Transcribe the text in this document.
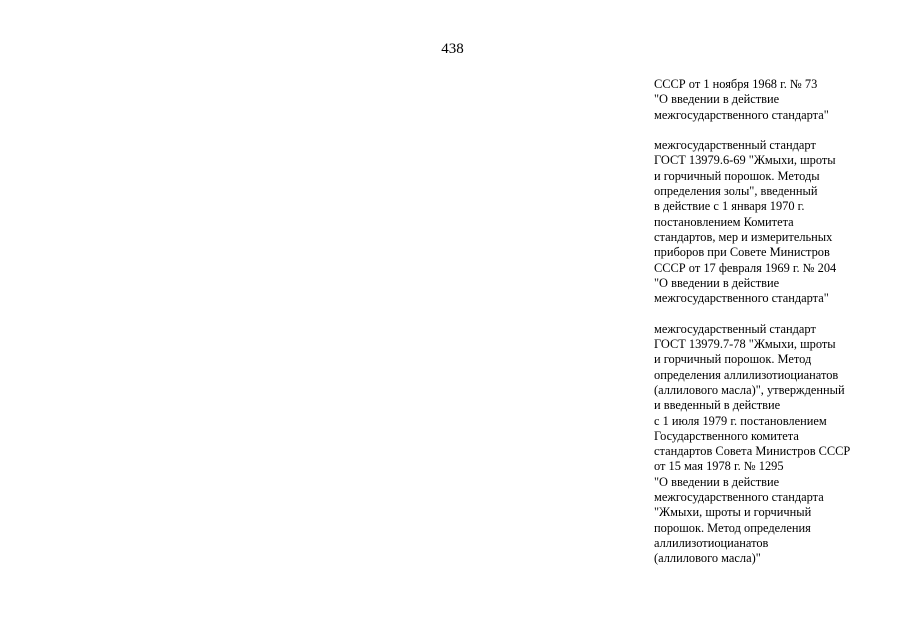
438
СССР от 1 ноября 1968 г. № 73
"О введении в действие
межгосударственного стандарта"
межгосударственный стандарт
ГОСТ 13979.6-69 "Жмыхи, шроты
и горчичный порошок. Методы
определения золы", введенный
в действие с 1 января 1970 г.
постановлением Комитета
стандартов, мер и измерительных
приборов при Совете Министров
СССР от 17 февраля 1969 г. № 204
"О введении в действие
межгосударственного стандарта"
межгосударственный стандарт
ГОСТ 13979.7-78 "Жмыхи, шроты
и горчичный порошок. Метод
определения аллилизотиоцианатов
(аллилового масла)", утвержденный
и введенный в действие
с 1 июля 1979 г. постановлением
Государственного комитета
стандартов Совета Министров СССР
от 15 мая 1978 г. № 1295
"О введении в действие
межгосударственного стандарта
"Жмыхи, шроты и горчичный
порошок. Метод определения
аллилизотиоцианатов
(аллилового масла)"
